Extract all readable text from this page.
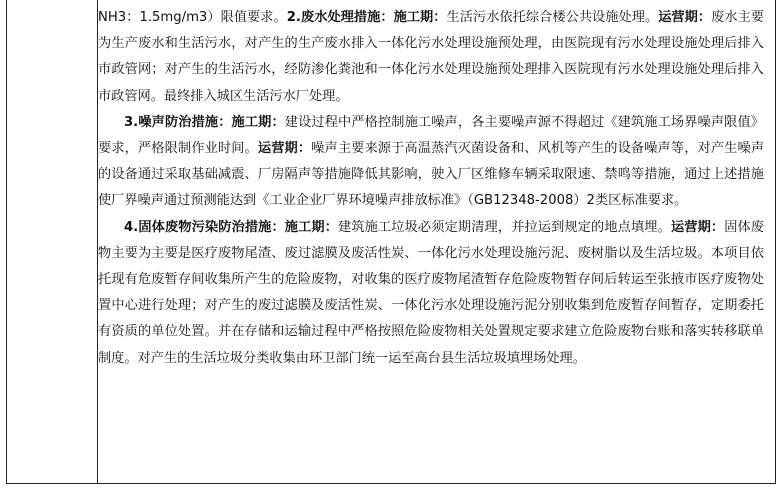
NH3：1.5mg/m3）限值要求。2.废水处理措施：施工期：生活污水依托综合楼公共设施处理。运营期：废水主要为生产废水和生活污水，对产生的生产废水排入一体化污水处理设施预处理，由医院现有污水处理设施处理后排入市政管网；对产生的生活污水，经防渗化粪池和一体化污水处理设施预处理排入医院现有污水处理设施处理后排入市政管网。最终排入城区生活污水厂处理。

3.噪声防治措施：施工期：建设过程中严格控制施工噪声，各主要噪声源不得超过《建筑施工场界噪声限值》要求，严格限制作业时间。运营期：噪声主要来源于高温蒸汽灭菌设备和、风机等产生的设备噪声等，对产生噪声的设备通过采取基础减震、厂房隔声等措施降低其影响，驶入厂区维修车辆采取限速、禁鸣等措施，通过上述措施使厂界噪声通过预测能达到《工业企业厂界环境噪声排放标准》（GB12348-2008）2类区标准要求。

4.固体废物污染防治措施：施工期：建筑施工垃圾必须定期清理，并拉运到规定的地点填埋。运营期：固体废物主要为主要是医疗废物尾渣、废过滤膜及废活性炭、一体化污水处理设施污泥、废树脂以及生活垃圾。本项目依托现有危废暂存间收集所产生的危险废物，对收集的医疗废物尾渣暂存危险废物暂存间后转运至张掖市医疗废物处置中心进行处理；对产生的废过滤膜及废活性炭、一体化污水处理设施污泥分别收集到危废暂存间暂存，定期委托有资质的单位处置。并在存储和运输过程中严格按照危险废物相关处置规定要求建立危险废物台账和落实转移联单制度。对产生的生活垃圾分类收集由环卫部门统一运至高台县生活垃圾填埋场处理。
